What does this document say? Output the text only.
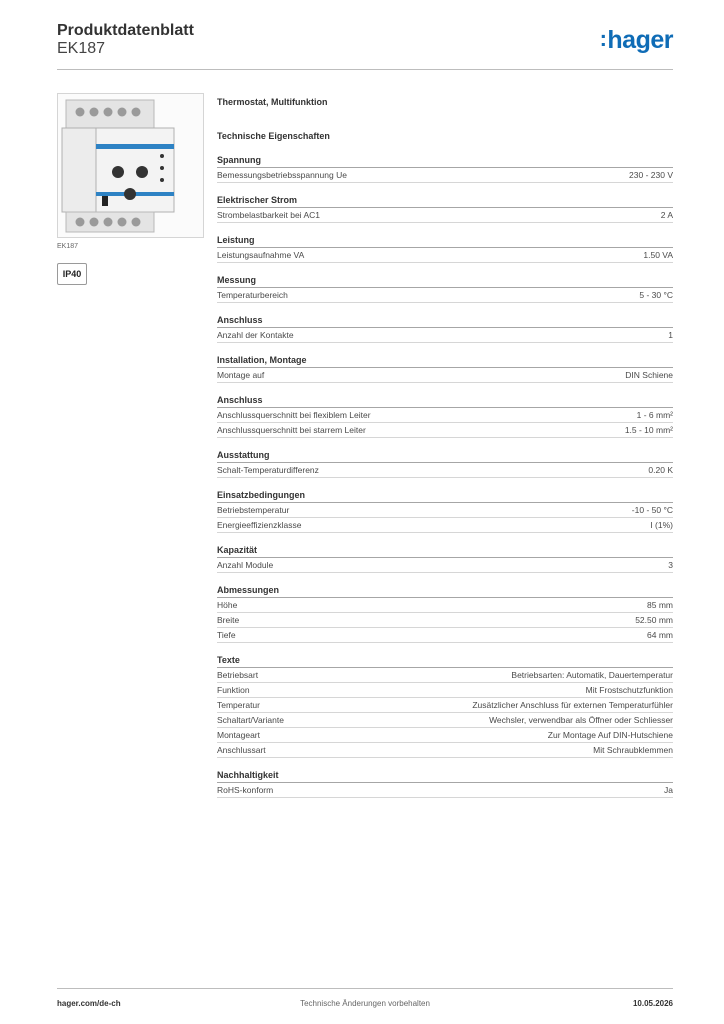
Produktdatenblatt
EK187	:hager
EK187
IP40
Thermostat, Multifunktion
Technische Eigenschaften
Spannung
Bemessungsbetriebsspannung Ue	230 - 230 V
Elektrischer Strom
Strombelastbarkeit bei AC1	2 A
Leistung
Leistungsaufnahme VA	1.50 VA
Messung
Temperaturbereich	5 - 30 °C
Anschluss
Anzahl der Kontakte	1
Installation, Montage
Montage auf	DIN Schiene
Anschluss
Anschlussquerschnitt bei flexiblem Leiter	1 - 6 mm²
Anschlussquerschnitt bei starrem Leiter	1.5 - 10 mm²
Ausstattung
Schalt-Temperaturdifferenz	0.20 K
Einsatzbedingungen
Betriebstemperatur	-10 - 50 °C
Energieeffizienzklasse	I (1%)
Kapazität
Anzahl Module	3
Abmessungen
Höhe	85 mm
Breite	52.50 mm
Tiefe	64 mm
Texte
Betriebsart	Betriebsarten: Automatik, Dauertemperatur
Funktion	Mit Frostschutzfunktion
Temperatur	Zusätzlicher Anschluss für externen Temperaturfühler
Schaltart/Variante	Wechsler, verwendbar als Öffner oder Schliesser
Montageart	Zur Montage Auf DIN-Hutschiene
Anschlussart	Mit Schraubklemmen
Nachhaltigkeit
RoHS-konform	Ja
hager.com/de-ch	Technische Änderungen vorbehalten	10.05.2026
